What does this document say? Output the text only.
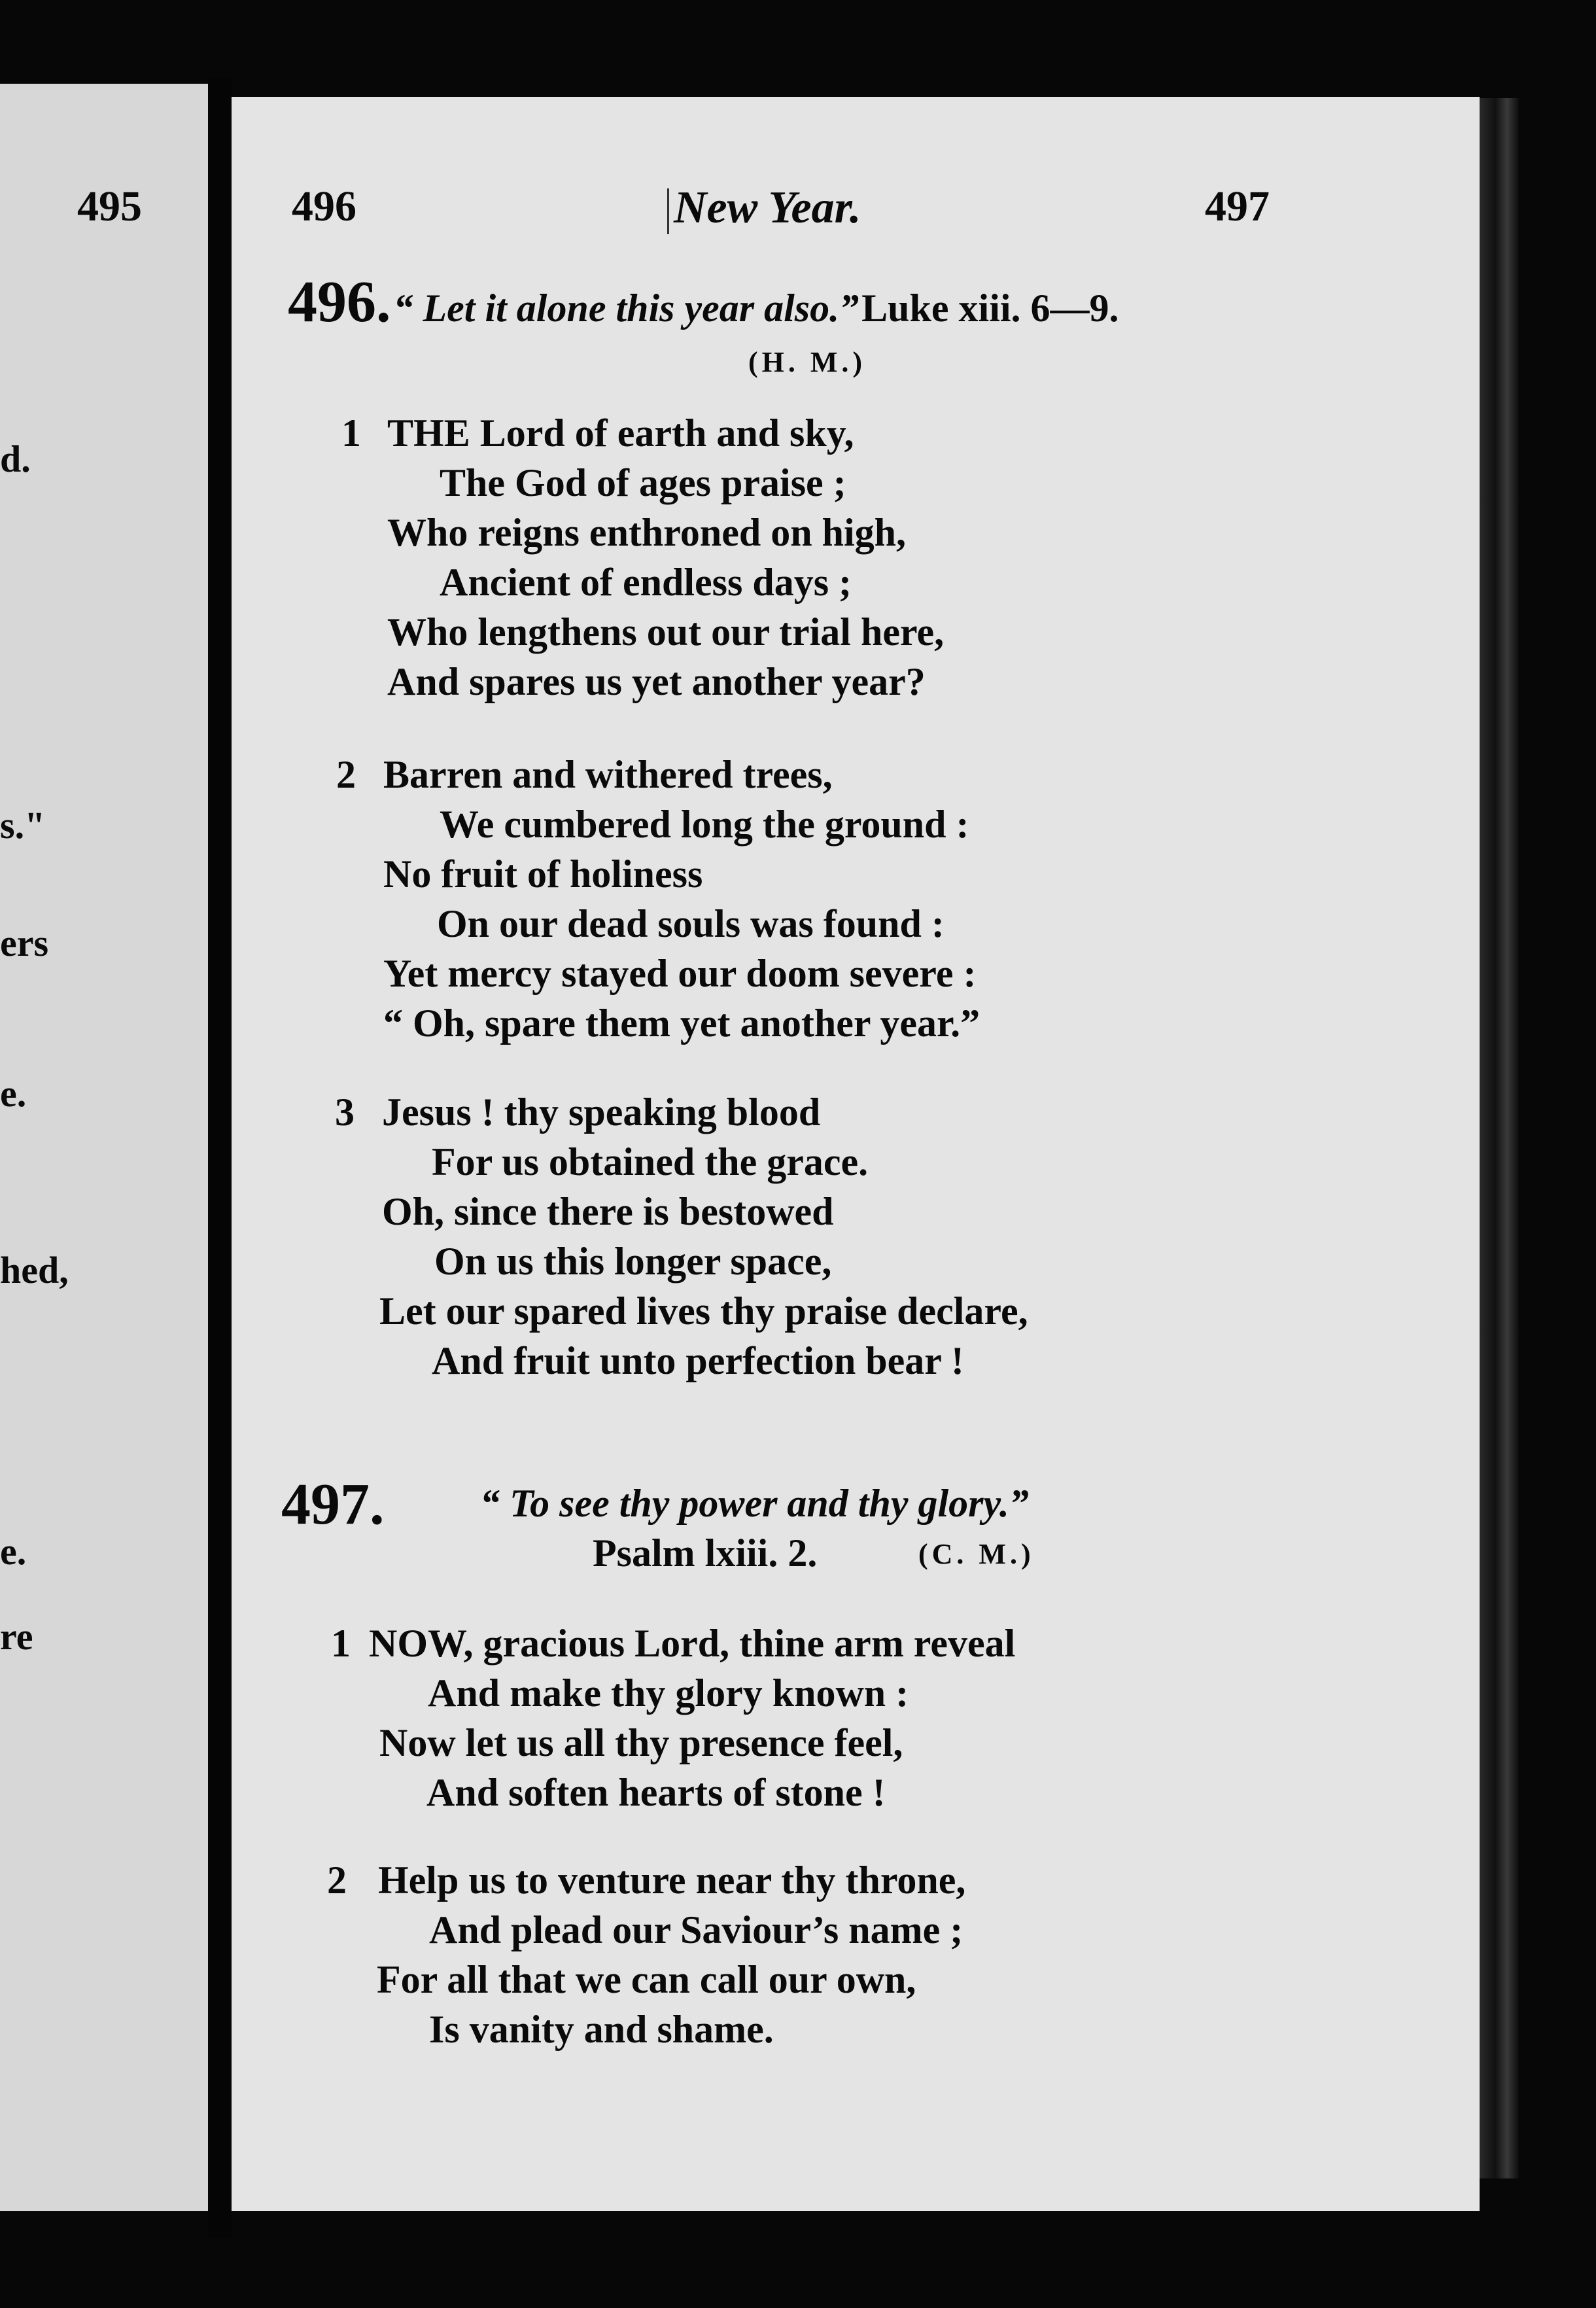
495
d.
s."
ers
e.
hed,
e.
re
496	New Year.	497
496. “ Let it alone this year also.” Luke xiii. 6—9.
(H. M.)
1 THE Lord of earth and sky,
The God of ages praise ;
Who reigns enthroned on high,
Ancient of endless days ;
Who lengthens out our trial here,
And spares us yet another year?
2 Barren and withered trees,
We cumbered long the ground :
No fruit of holiness
On our dead souls was found :
Yet mercy stayed our doom severe :
“ Oh, spare them yet another year.”
3 Jesus ! thy speaking blood
For us obtained the grace.
Oh, since there is bestowed
On us this longer space,
Let our spared lives thy praise declare,
And fruit unto perfection bear !
497. “ To see thy power and thy glory.”
Psalm lxiii. 2.	(C. M.)
1 NOW, gracious Lord, thine arm reveal
And make thy glory known :
Now let us all thy presence feel,
And soften hearts of stone !
2 Help us to venture near thy throne,
And plead our Saviour’s name ;
For all that we can call our own,
Is vanity and shame.
